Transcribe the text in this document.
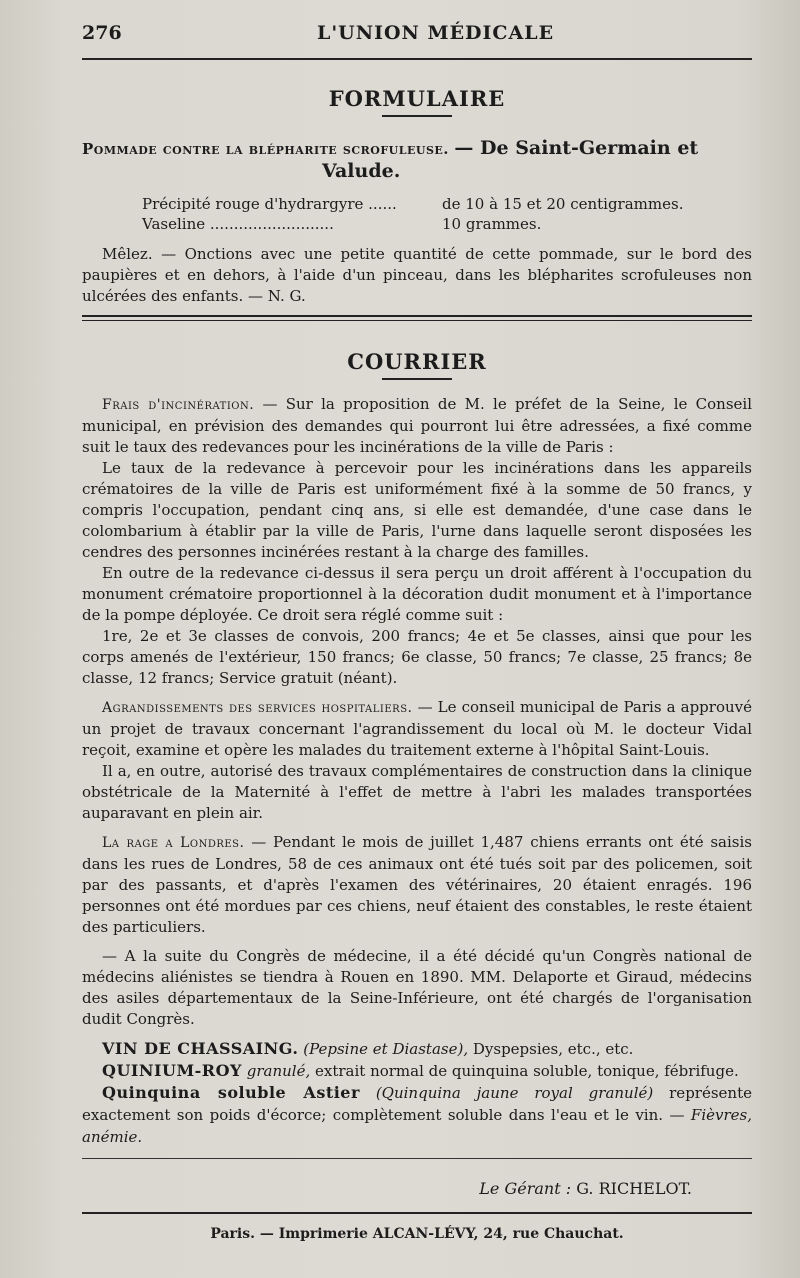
276	L'UNION MÉDICALE
FORMULAIRE
Pommade contre la blépharite scrofuleuse. — De Saint-Germain et
Valude.
Précipité rouge d'hydrargyre ......	de 10 à 15 et 20 centigrammes.
Vaseline ..........................	10 grammes.

Mêlez. — Onctions avec une petite quantité de cette pommade, sur le bord des paupières et en dehors, à l'aide d'un pinceau, dans les blépharites scrofuleuses non ulcérées des enfants. — N. G.

COURRIER

Frais d'incinération. — Sur la proposition de M. le préfet de la Seine, le Conseil municipal, en prévision des demandes qui pourront lui être adressées, a fixé comme suit le taux des redevances pour les incinérations de la ville de Paris :

Le taux de la redevance à percevoir pour les incinérations dans les appareils crématoires de la ville de Paris est uniformément fixé à la somme de 50 francs, y compris l'occupation, pendant cinq ans, si elle est demandée, d'une case dans le colombarium à établir par la ville de Paris, l'urne dans laquelle seront disposées les cendres des personnes incinérées restant à la charge des familles.

En outre de la redevance ci-dessus il sera perçu un droit afférent à l'occupation du monument crématoire proportionnel à la décoration dudit monument et à l'importance de la pompe déployée. Ce droit sera réglé comme suit :

1re, 2e et 3e classes de convois, 200 francs; 4e et 5e classes, ainsi que pour les corps amenés de l'extérieur, 150 francs; 6e classe, 50 francs; 7e classe, 25 francs; 8e classe, 12 francs; Service gratuit (néant).

Agrandissements des services hospitaliers. — Le conseil municipal de Paris a approuvé un projet de travaux concernant l'agrandissement du local où M. le docteur Vidal reçoit, examine et opère les malades du traitement externe à l'hôpital Saint-Louis.

Il a, en outre, autorisé des travaux complémentaires de construction dans la clinique obstétricale de la Maternité à l'effet de mettre à l'abri les malades transportées auparavant en plein air.

La rage a Londres. — Pendant le mois de juillet 1,487 chiens errants ont été saisis dans les rues de Londres, 58 de ces animaux ont été tués soit par des policemen, soit par des passants, et d'après l'examen des vétérinaires, 20 étaient enragés. 196 personnes ont été mordues par ces chiens, neuf étaient des constables, le reste étaient des particuliers.

— A la suite du Congrès de médecine, il a été décidé qu'un Congrès national de médecins aliénistes se tiendra à Rouen en 1890. MM. Delaporte et Giraud, médecins des asiles départementaux de la Seine-Inférieure, ont été chargés de l'organisation dudit Congrès.

VIN DE CHASSAING. (Pepsine et Diastase), Dyspepsies, etc., etc.

QUINIUM-ROY granulé, extrait normal de quinquina soluble, tonique, fébrifuge.

Quinquina soluble Astier (Quinquina jaune royal granulé) représente exactement son poids d'écorce; complètement soluble dans l'eau et le vin. — Fièvres, anémie.

Le Gérant : G. RICHELOT.
Paris. — Imprimerie ALCAN-LÉVY, 24, rue Chauchat.
